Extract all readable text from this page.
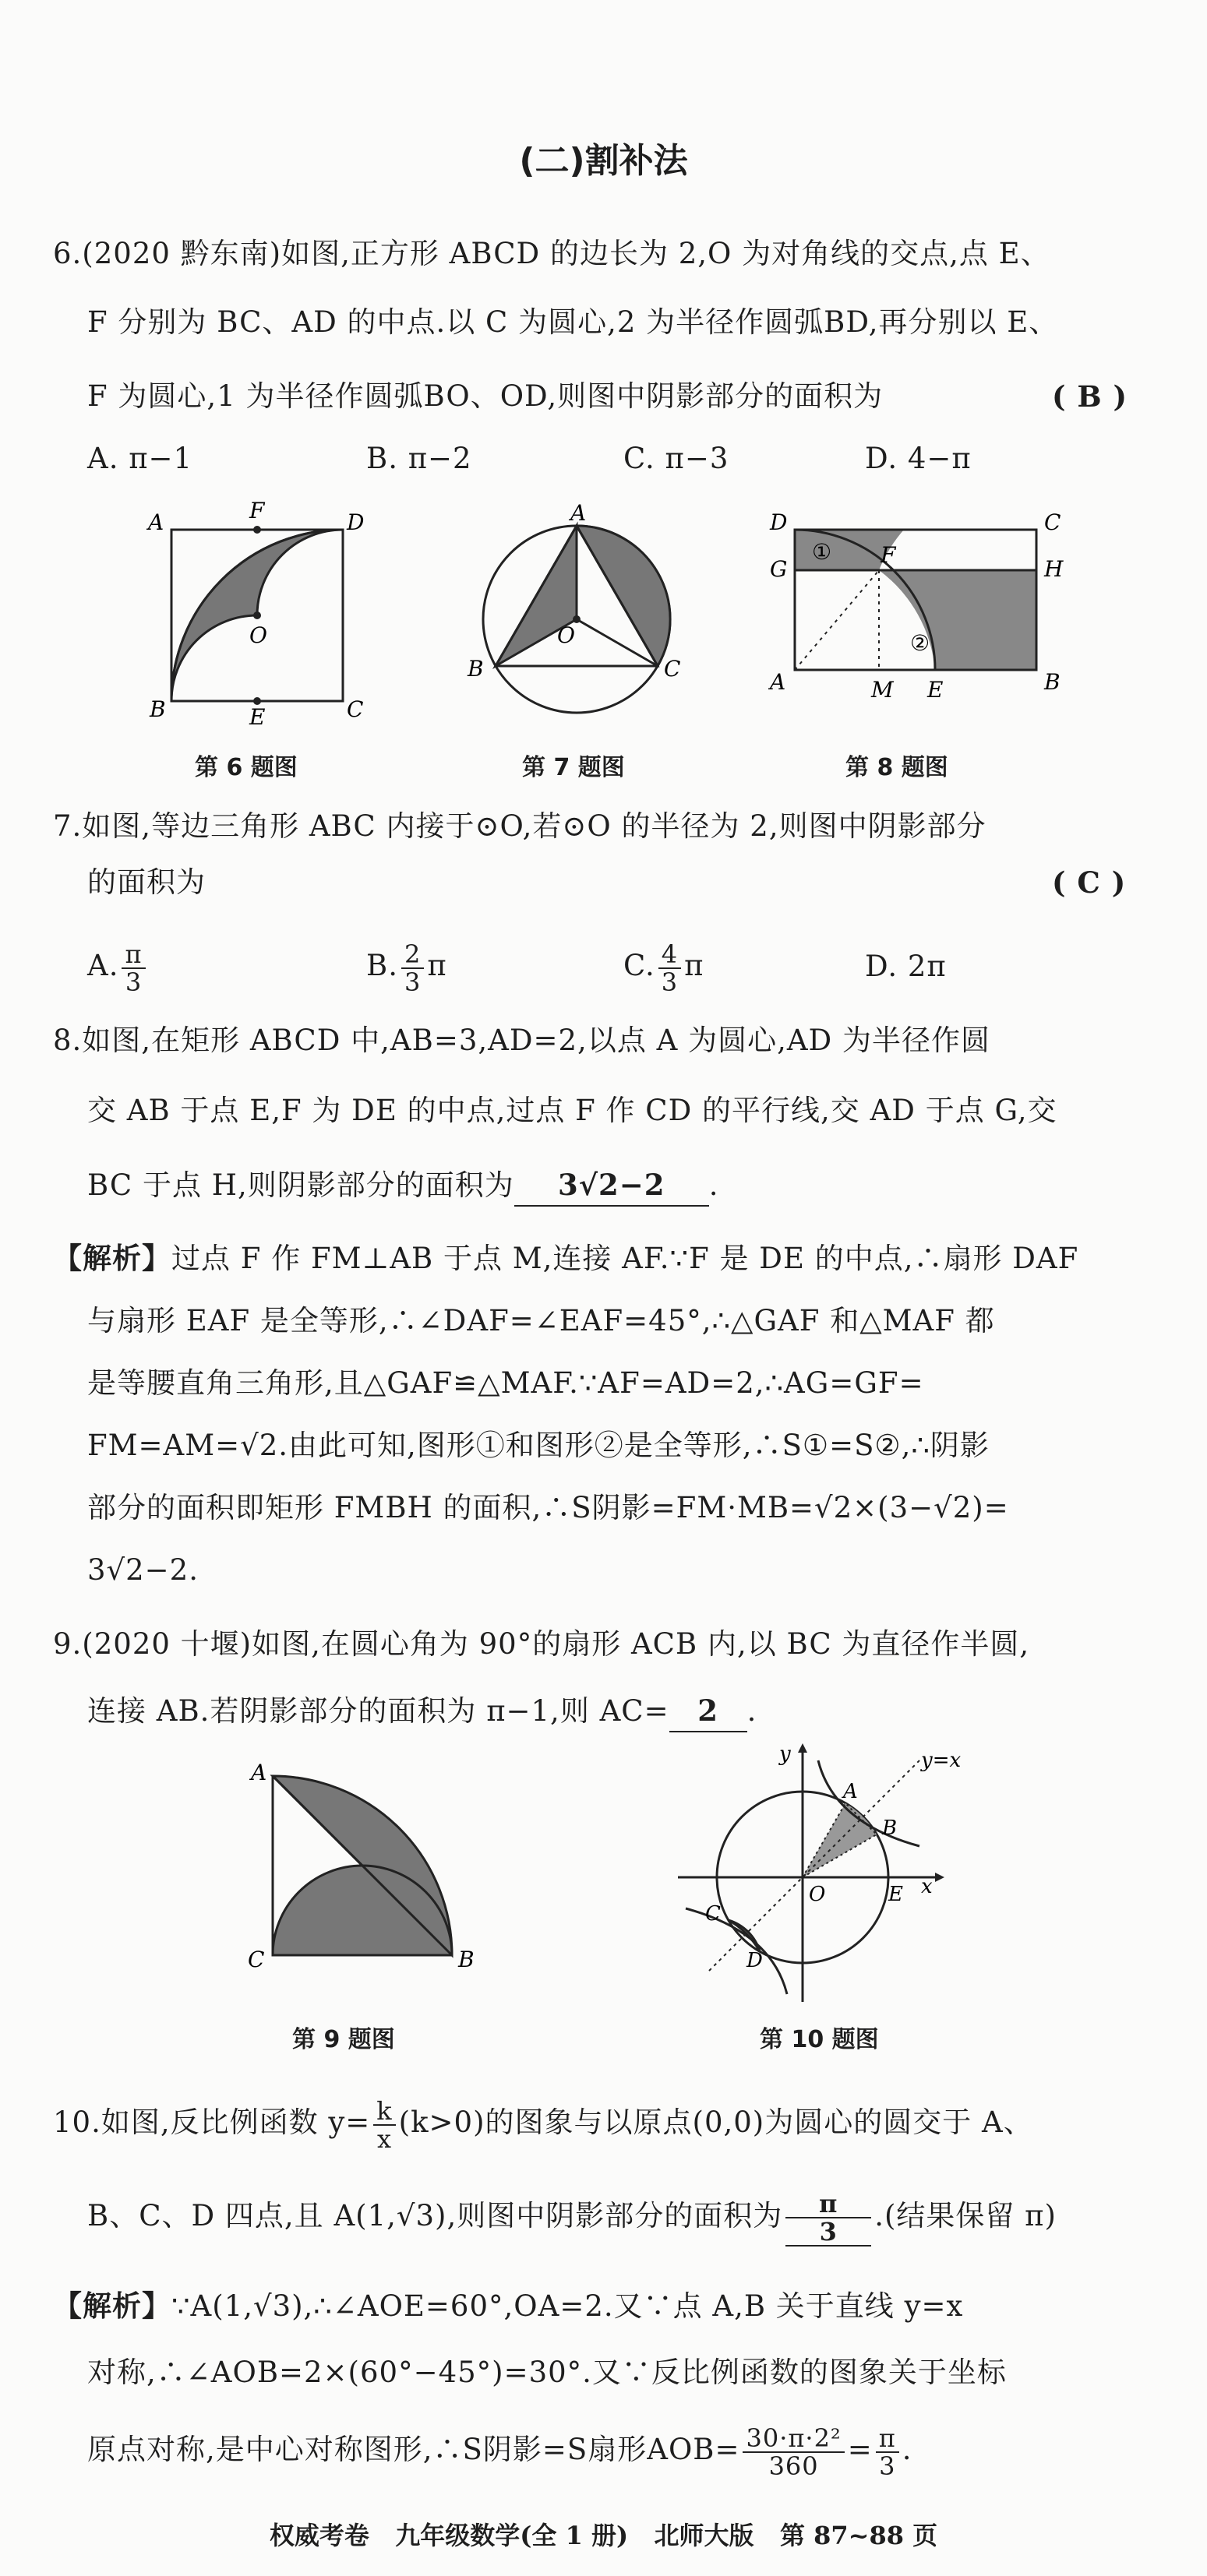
(二)割补法
6.(2020 黔东南)如图,正方形 ABCD 的边长为 2,O 为对角线的交点,点 E、
F 分别为 BC、AD 的中点.以 C 为圆心,2 为半径作圆弧BD,再分别以 E、
F 为圆心,1 为半径作圆弧BO、OD,则图中阴影部分的面积为	( B )
A. π−1	B. π−2	C. π−3	D. 4−π
A	F	D
O
B	E	C
第 6 题图
A
O
B	C
第 7 题图
D	C
G
F
H
①
②
A	M E	B
第 8 题图
7.如图,等边三角形 ABC 内接于⊙O,若⊙O 的半径为 2,则图中阴影部分
的面积为	( C )
A. $\frac{\pi}{3}$	B. $\frac{2}{3}$ π	C. $\frac{4}{3}$ π	D. 2π
8.如图,在矩形 ABCD 中,AB=3,AD=2,以点 A 为圆心,AD 为半径作圆
交 AB 于点 E,F 为 DE 的中点,过点 F 作 CD 的平行线,交 AD 于点 G,交
BC 于点 H,则阴影部分的面积为 3√2−2 .
【解析】过点 F 作 FM⊥AB 于点 M,连接 AF.∵F 是 DE 的中点,∴扇形 DAF
与扇形 EAF 是全等形,∴∠DAF=∠EAF=45°,∴△GAF 和△MAF 都
是等腰直角三角形,且△GAF≌△MAF.∵AF=AD=2,∴AG=GF=
FM=AM=√2.由此可知,图形①和图形②是全等形,∴S①=S②,∴阴影
部分的面积即矩形 FMBH 的面积,∴S阴影=FM·MB=√2×(3−√2)=
3√2−2.
9.(2020 十堰)如图,在圆心角为 90°的扇形 ACB 内,以 BC 为直径作半圆,
连接 AB.若阴影部分的面积为 π−1,则 AC= 2 .
A
C	B
第 9 题图
y	y=x
A
B
O	E x
C
D
第 10 题图
10.如图,反比例函数 $y= \frac{k}{x} (k>0)$的图象与以原点(0,0)为圆心的圆交于 A、
B、C、D 四点,且 A(1,√3),则图中阴影部分的面积为 $\frac{\pi}{3}$ .(结果保留 π)
【解析】∵A(1,√3),∴∠AOE=60°,OA=2.又∵点 A,B 关于直线 y=x
对称,∴∠AOB=2×(60°−45°)=30°.又∵反比例函数的图象关于坐标
原点对称,是中心对称图形,∴S阴影=S扇形$AOB= \frac{\text{30·π·2²}}{360} = \frac{\pi}{3}$ .
权威考卷   九年级数学(全 1 册)   北师大版   第 87~88 页
